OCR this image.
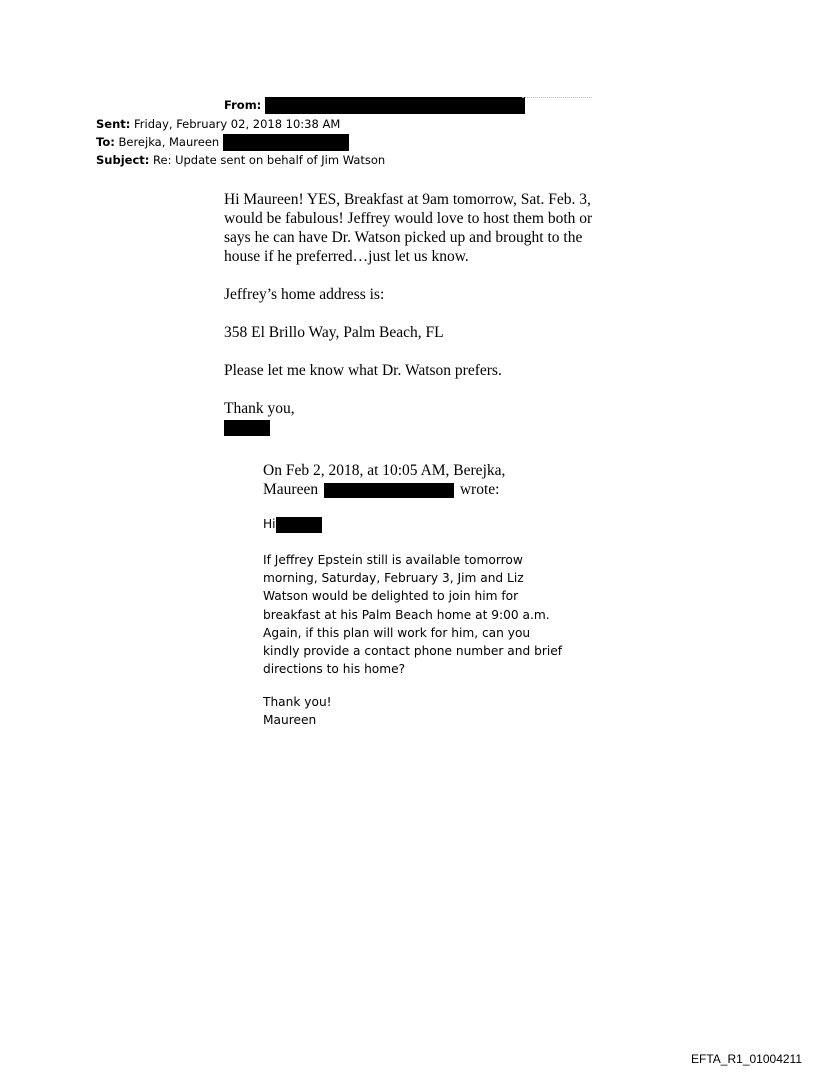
From:
Sent: Friday, February 02, 2018 10:38 AM
To: Berejka, Maureen
Subject: Re: Update sent on behalf of Jim Watson

Hi Maureen! YES, Breakfast at 9am tomorrow, Sat. Feb. 3, would be fabulous! Jeffrey would love to host them both or says he can have Dr. Watson picked up and brought to the house if he preferred…just let us know.

Jeffrey’s home address is:

358 El Brillo Way, Palm Beach, FL

Please let me know what Dr. Watson prefers.

Thank you,

On Feb 2, 2018, at 10:05 AM, Berejka,
Maureen	wrote:
Hi
If Jeffrey Epstein still is available tomorrow morning, Saturday, February 3, Jim and Liz Watson would be delighted to join him for breakfast at his Palm Beach home at 9:00 a.m. Again, if this plan will work for him, can you kindly provide a contact phone number and brief directions to his home?
Thank you!
Maureen
EFTA_R1_01004211
